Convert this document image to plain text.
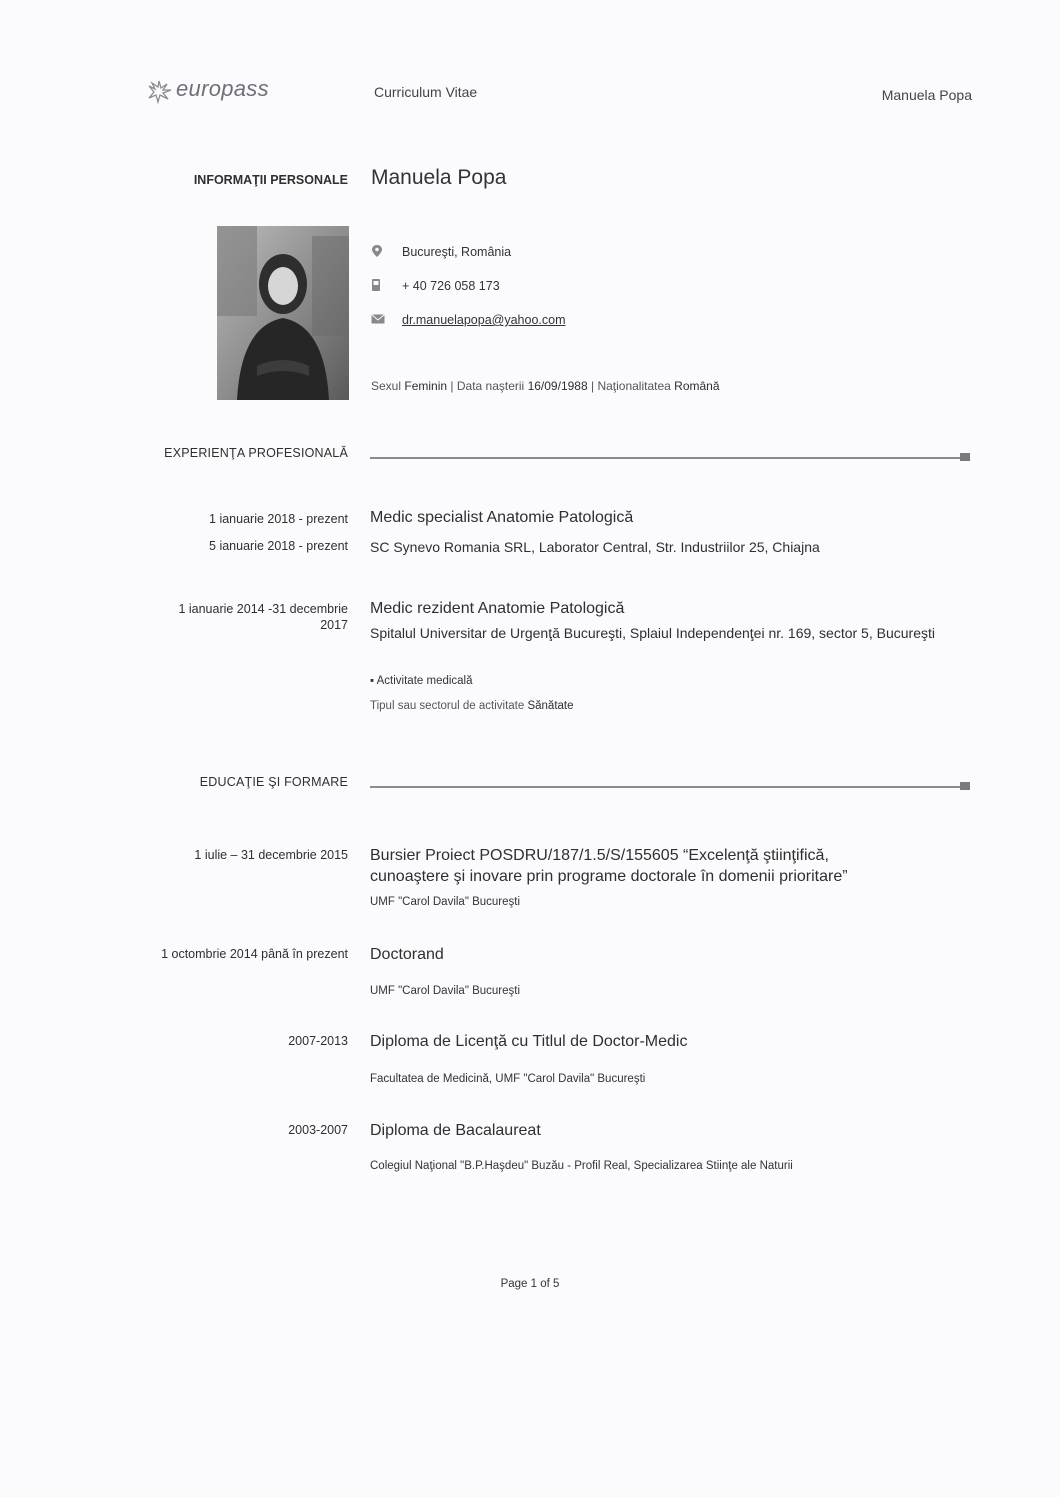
europass	Curriculum Vitae	Manuela Popa
INFORMAŢII PERSONALE Manuela Popa
Bucureşti, România
+ 40 726 058 173
dr.manuelapopa@yahoo.com
Sexul Feminin | Data naşterii 16/09/1988 | Naţionalitatea Română
EXPERIENŢA PROFESIONALĂ
1 ianuarie 2018 - prezent
5 ianuarie 2018 - prezent
Medic specialist Anatomie Patologică
SC Synevo Romania SRL, Laborator Central, Str. Industriilor 25, Chiajna
1 ianuarie 2014 -31 decembrie
2017
Medic rezident Anatomie Patologică
Spitalul Universitar de Urgenţă Bucureşti, Splaiul Independenţei nr. 169, sector 5, Bucureşti
▪ Activitate medicală
Tipul sau sectorul de activitate Sănătate
EDUCAŢIE ŞI FORMARE
1 iulie – 31 decembrie 2015 Bursier Proiect POSDRU/187/1.5/S/155605 “Excelenţă ştiinţifică,
cunoaştere şi inovare prin programe doctorale în domenii prioritare”
UMF "Carol Davila" Bucureşti
1 octombrie 2014 până în prezent Doctorand
UMF "Carol Davila" Bucureşti
2007-2013 Diploma de Licenţă cu Titlul de Doctor-Medic
Facultatea de Medicină, UMF "Carol Davila" Bucureşti
2003-2007 Diploma de Bacalaureat
Colegiul Naţional "B.P.Haşdeu" Buzău - Profil Real, Specializarea Stiinţe ale Naturii
Page 1 of 5
